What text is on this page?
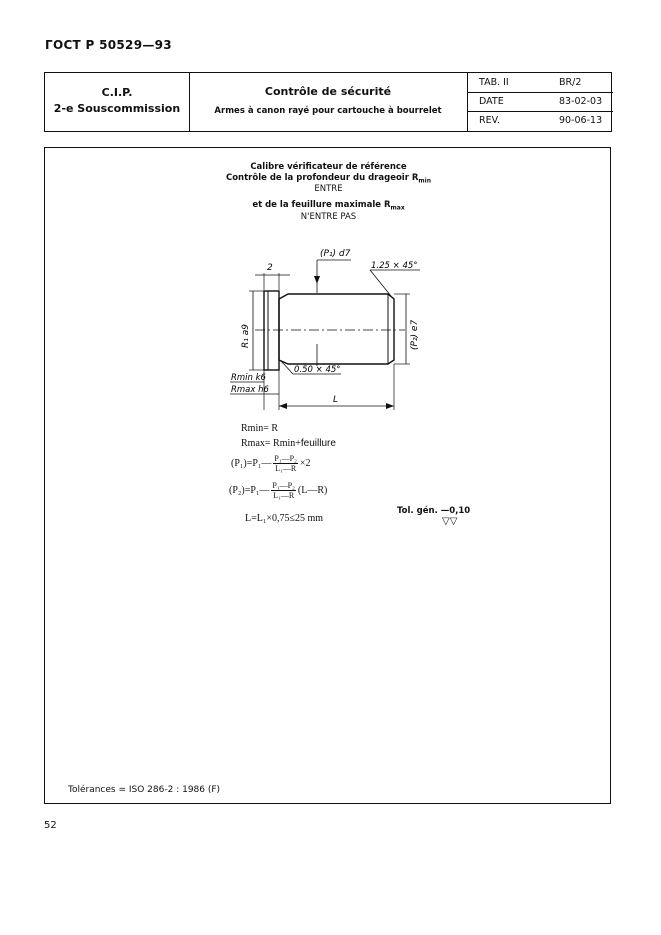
ГОСТ Р 50529—93
C.I.P.
2-e Souscommission
Contrôle de sécurité
Armes à canon rayé pour cartouche à bourrelet
TAB. II	BR/2
DATE	83-02-03
REV.	90-06-13
Calibre vérificateur de référence
Contrôle de la profondeur du drageoir $R_{min}$
ENTRE
et de la feuillure maximale $R_{max}$
N'ENTRE PAS
(P₁) d7
2	1.25 × 45°
R₁ a9	(P₂) e7
0.50 × 45°
Rmin k6
Rmax h6
L
Rmin= R
Rmax= Rmin+feuillure
(P₁)=P₁— $\frac{\text{P₁—P₂}}{\text{L₁—R}} \times 2$
(P₂)=P₁— $\frac{\text{P₁—P₂}}{\text{L₁—R}}$ (L—R)
L=L₁×0,75≤25 mm
Tol. gén. —0,10
▽▽
Tolérances = ISO 286-2 : 1986 (F)
52
